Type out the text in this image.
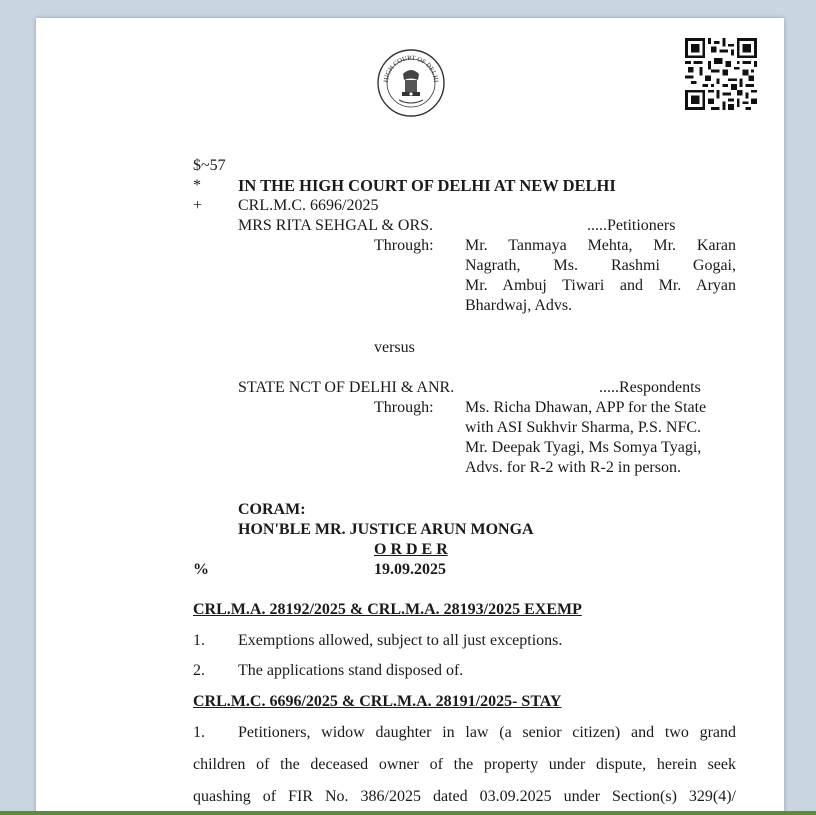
HIGH COURT OF DELHI
$~57
* IN THE HIGH COURT OF DELHI AT NEW DELHI
+ CRL.M.C. 6696/2025
MRS RITA SEHGAL & ORS.	.....Petitioners
Through: Mr. Tanmaya Mehta, Mr. Karan
Nagrath, Ms. Rashmi Gogai,
Mr. Ambuj Tiwari and Mr. Aryan
Bhardwaj, Advs.
versus
STATE NCT OF DELHI & ANR.	.....Respondents
Through: Ms. Richa Dhawan, APP for the State
with ASI Sukhvir Sharma, P.S. NFC.
Mr. Deepak Tyagi, Ms Somya Tyagi,
Advs. for R-2 with R-2 in person.
CORAM:
HON'BLE MR. JUSTICE ARUN MONGA
O R D E R
%	19.09.2025
CRL.M.A. 28192/2025 & CRL.M.A. 28193/2025 EXEMP
1. Exemptions allowed, subject to all just exceptions.
2. The applications stand disposed of.
CRL.M.C. 6696/2025 & CRL.M.A. 28191/2025- STAY
1. Petitioners, widow daughter in law (a senior citizen) and two grand
children of the deceased owner of the property under dispute, herein seek
quashing of FIR No. 386/2025 dated 03.09.2025 under Section(s) 329(4)/
